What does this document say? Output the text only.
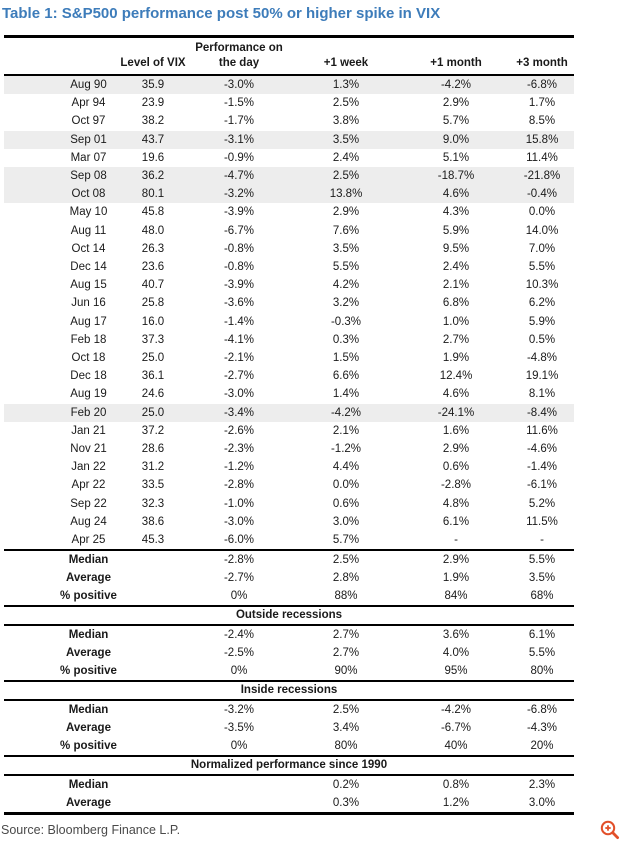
Table 1: S&P500 performance post 50% or higher spike in VIX
		Performance on			
	Level of VIX	the day	+1 week	+1 month	+3 month
Aug 90	35.9	-3.0%	1.3%	-4.2%	-6.8%
Apr 94	23.9	-1.5%	2.5%	2.9%	1.7%
Oct 97	38.2	-1.7%	3.8%	5.7%	8.5%
Sep 01	43.7	-3.1%	3.5%	9.0%	15.8%
Mar 07	19.6	-0.9%	2.4%	5.1%	11.4%
Sep 08	36.2	-4.7%	2.5%	-18.7%	-21.8%
Oct 08	80.1	-3.2%	13.8%	4.6%	-0.4%
May 10	45.8	-3.9%	2.9%	4.3%	0.0%
Aug 11	48.0	-6.7%	7.6%	5.9%	14.0%
Oct 14	26.3	-0.8%	3.5%	9.5%	7.0%
Dec 14	23.6	-0.8%	5.5%	2.4%	5.5%
Aug 15	40.7	-3.9%	4.2%	2.1%	10.3%
Jun 16	25.8	-3.6%	3.2%	6.8%	6.2%
Aug 17	16.0	-1.4%	-0.3%	1.0%	5.9%
Feb 18	37.3	-4.1%	0.3%	2.7%	0.5%
Oct 18	25.0	-2.1%	1.5%	1.9%	-4.8%
Dec 18	36.1	-2.7%	6.6%	12.4%	19.1%
Aug 19	24.6	-3.0%	1.4%	4.6%	8.1%
Feb 20	25.0	-3.4%	-4.2%	-24.1%	-8.4%
Jan 21	37.2	-2.6%	2.1%	1.6%	11.6%
Nov 21	28.6	-2.3%	-1.2%	2.9%	-4.6%
Jan 22	31.2	-1.2%	4.4%	0.6%	-1.4%
Apr 22	33.5	-2.8%	0.0%	-2.8%	-6.1%
Sep 22	32.3	-1.0%	0.6%	4.8%	5.2%
Aug 24	38.6	-3.0%	3.0%	6.1%	11.5%
Apr 25	45.3	-6.0%	5.7%	-	-
Median		-2.8%	2.5%	2.9%	5.5%
Average		-2.7%	2.8%	1.9%	3.5%
% positive		0%	88%	84%	68%
Outside recessions					
Median		-2.4%	2.7%	3.6%	6.1%
Average		-2.5%	2.7%	4.0%	5.5%
% positive		0%	90%	95%	80%
Inside recessions					
Median		-3.2%	2.5%	-4.2%	-6.8%
Average		-3.5%	3.4%	-6.7%	-4.3%
% positive		0%	80%	40%	20%
Normalized performance since 1990					
Median			0.2%	0.8%	2.3%
Average			0.3%	1.2%	3.0%
Source: Bloomberg Finance L.P.
